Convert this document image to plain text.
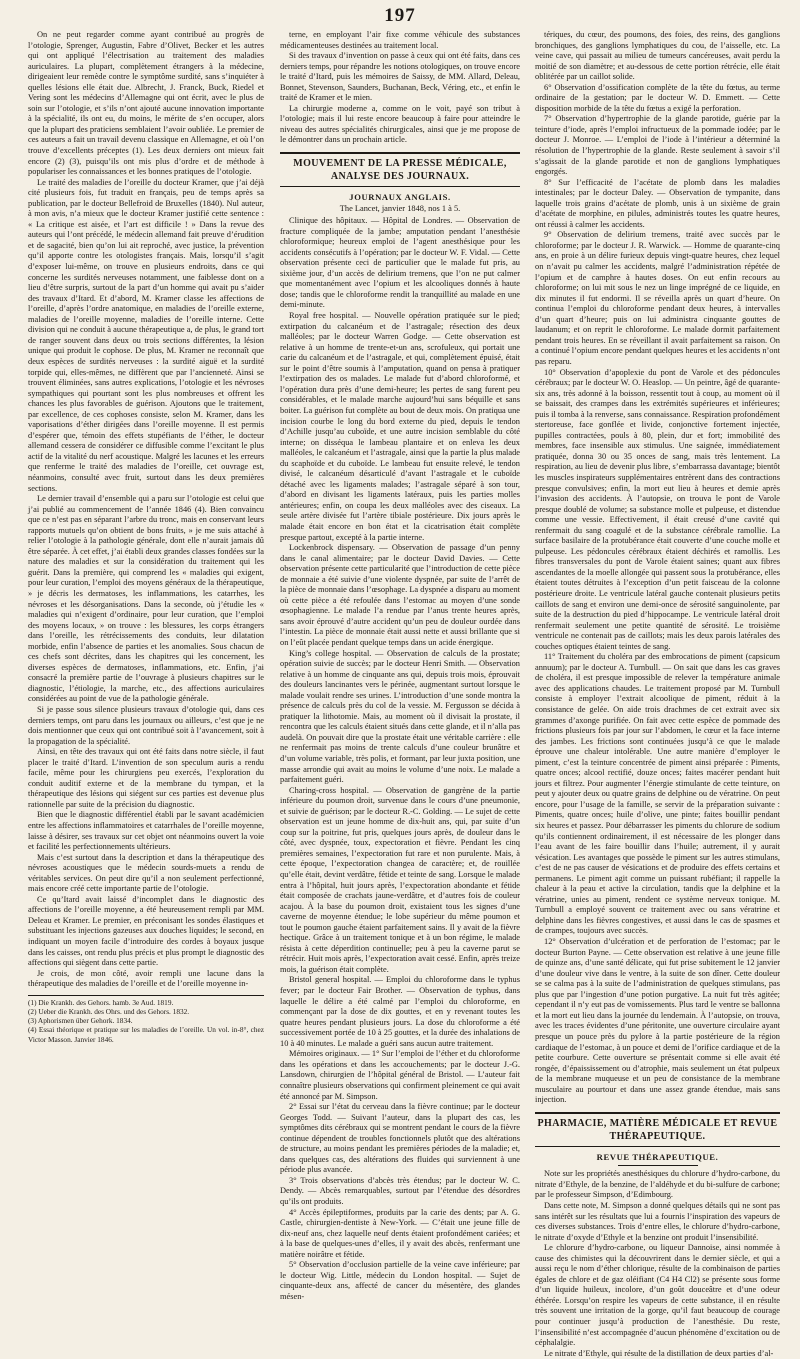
197

On ne peut regarder comme ayant contribué au progrès de l’otologie, Sprenger, Augustin, Fabre d’Olivet, Becker et les autres qui ont appliqué l’électrisation au traitement des maladies auriculaires. La plupart, complètement étrangers à la médecine, dirigeaient leur remède contre le symptôme surdité, sans s’inquiéter à quelles lésions elle était due. Albrecht, J. Franck, Buck, Riedel et Vering sont les médecins d’Allemagne qui ont écrit, avec le plus de soin sur l’otologie, et s’ils n’ont ajouté aucune innovation importante à la spécialité, ils ont eu, du moins, le mérite de s’en occuper, alors que la plupart des praticiens semblaient l’avoir oubliée. Le premier de ces auteurs a fait un travail devenu classique en Allemagne, et où l’on trouve d’excellents préceptes (1). Les deux derniers ont mieux fait encore (2) (3), puisqu’ils ont mis plus d’ordre et de méthode à populariser les connaissances et les bonnes pratiques de l’otologie.

Le traité des maladies de l’oreille du docteur Kramer, que j’ai déjà cité plusieurs fois, fut traduit en français, peu de temps après sa publication, par le docteur Bellefroid de Bruxelles (1840). Nul auteur, à mon avis, n’a mieux que le docteur Kramer justifié cette sentence : « La critique est aisée, et l’art est difficile ! » Dans la revue des auteurs qui l’ont précédé, le médecin allemand fait preuve d’érudition et de sagacité, bien qu’on lui ait reproché, avec justice, la prévention qu’il apporte contre les otologistes français. Mais, lorsqu’il s’agit d’exposer lui-même, on trouve en plusieurs endroits, dans ce qui concerne les surdités nerveuses notamment, une faiblesse dont on a lieu d’être surpris, surtout de la part d’un homme qui avait pu s’aider des travaux d’Itard. Et d’abord, M. Kramer classe les affections de l’oreille, d’après l’ordre anatomique, en maladies de l’oreille externe, maladies de l’oreille moyenne, maladies de l’oreille interne. Cette division qui ne conduit à aucune thérapeutique a, de plus, le grand tort de ranger souvent dans deux ou trois sections différentes, la lésion unique qui produit le cophose. De plus, M. Kramer ne reconnaît que deux espèces de surdités nerveuses : la surdité aiguë et la surdité torpide qui, elles-mêmes, ne diffèrent que par l’ancienneté. Ainsi se trouvent éliminées, sans autres explications, l’otologie et les névroses sympathiques qui pourtant sont les plus nombreuses et offrent les chances les plus favorables de guérison. Ajoutons que le traitement, par excellence, de ces cophoses consiste, selon M. Kramer, dans les vaporisations d’éther dirigées dans l’oreille moyenne. Il est permis d’espérer que, témoin des effets stupéfiants de l’éther, le docteur allemand cessera de considérer ce diffusible comme l’excitant le plus actif de la vitalité du nerf acoustique. Malgré les lacunes et les erreurs que renferme le traité des maladies de l’oreille, cet ouvrage est, néanmoins, consulté avec fruit, surtout dans les deux premières sections.

Le dernier travail d’ensemble qui a paru sur l’otologie est celui que j’ai publié au commencement de l’année 1846 (4). Bien convaincu que ce n’est pas en séparant l’arbre du tronc, mais en conservant leurs rapports mutuels qu’on obtient de bons fruits, » je me suis attaché à relier l’otologie à la pathologie générale, dont elle n’aurait jamais dû être séparée. À cet effet, j’ai établi deux grandes classes fondées sur la nature des maladies et sur la considération du traitement qui les guérit. Dans la première, qui comprend les « maladies qui exigent, pour leur curation, l’emploi des moyens généraux de la thérapeutique, » je décris les dermatoses, les inflammations, les catarrhes, les névroses et les désorganisations. Dans la seconde, où j’étudie les « maladies qui n’exigent d’ordinaire, pour leur curation, que l’emploi des moyens locaux, » on trouve : les blessures, les corps étrangers dans l’oreille, les rétrécissements des conduits, leur dilatation morbide, enfin l’absence de parties et les anomalies. Sous chacun de ces chefs sont décrites, dans les chapitres qui les concernent, les diverses espèces de dermatoses, inflammations, etc. Enfin, j’ai consacré la première partie de l’ouvrage à plusieurs chapitres sur le diagnostic, l’étiologie, la marche, etc., des affections auriculaires considérées au point de vue de la pathologie générale.

Si je passe sous silence plusieurs travaux d’otologie qui, dans ces derniers temps, ont paru dans les journaux ou ailleurs, c’est que je ne dois mentionner que ceux qui ont contribué soit à l’avancement, soit à la propagation de la spécialité.

Ainsi, en tête des travaux qui ont été faits dans notre siècle, il faut placer le traité d’Itard. L’invention de son speculum auris a rendu facile, même pour les chirurgiens peu exercés, l’exploration du conduit auditif externe et de la membrane du tympan, et la thérapeutique des lésions qui siégent sur ces parties est devenue plus rationnelle par suite de la précision du diagnostic.

Bien que le diagnostic différentiel établi par le savant académicien entre les affections inflammatoires et catarrhales de l’oreille moyenne, laisse à désirer, ses travaux sur cet objet ont néanmoins ouvert la voie et facilité les perfectionnements ultérieurs.

Mais c’est surtout dans la description et dans la thérapeutique des névroses acoustiques que le médecin sourds-muets a rendu de véritables services. On peut dire qu’il a non seulement perfectionné, mais encore créé cette importante partie de l’otologie.

Ce qu’Itard avait laissé d’incomplet dans le diagnostic des affections de l’oreille moyenne, a été heureusement rempli par MM. Deleau et Kramer. Le premier, en préconisant les sondes élastiques et substituant les injections gazeuses aux douches liquides; le second, en indiquant un moyen facile d’introduire des cordes à boyaux jusque dans les caisses, ont rendu plus précis et plus prompt le diagnostic des affections qui siègent dans cette partie.

Je crois, de mon côté, avoir rempli une lacune dans la thérapeutique des maladies de l’oreille et de l’oreille moyenne in-

(1) Die Krankh. des Gehors. hamb. 3e Aud. 1819.

(2) Ueber die Krankh. des Ohrs. und des Gehors. 1832.

(3) Aphorismen über Gehork. 1834.

(4) Essai théorique et pratique sur les maladies de l’oreille. Un vol. in-8°, chez Victor Masson. Janvier 1846.

terne, en employant l’air fixe comme véhicule des substances médicamenteuses destinées au traitement local.

Si des travaux d’invention on passe à ceux qui ont été faits, dans ces derniers temps, pour répandre les notions otologiques, on trouve encore le traité d’Itard, puis les mémoires de Saissy, de MM. Allard, Deleau, Bonnet, Stevenson, Saunders, Buchanan, Beck, Véring, etc., et enfin le traité de Kramer et le mien.

La chirurgie moderne a, comme on le voit, payé son tribut à l’otologie; mais il lui reste encore beaucoup à faire pour atteindre le niveau des autres spécialités chirurgicales, ainsi que je me propose de le démontrer dans un prochain article.

MOUVEMENT DE LA PRESSE MÉDICALE, ANALYSE DES JOURNAUX.
JOURNAUX ANGLAIS.
The Lancet, janvier 1848, nos 1 à 5.

Clinique des hôpitaux. — Hôpital de Londres. — Observation de fracture compliquée de la jambe; amputation pendant l’anesthésie chloroformique; heureux emploi de l’agent anesthésique pour les accidents consécutifs à l’opération; par le docteur W. F. Vidal. — Cette observation présente ceci de particulier que le malade fut pris, au sixième jour, d’un accès de delirium tremens, que l’on ne put calmer que momentanément avec l’opium et les alcooliques donnés à haute dose; tandis que le chloroforme rendit la tranquillité au malade en une demi-minute.

Royal free hospital. — Nouvelle opération pratiquée sur le pied; extirpation du calcanéum et de l’astragale; résection des deux malléoles; par le docteur Warren Godge. — Cette observation est relative à un homme de trente-et-un ans, scrofuleux, qui portait une carie du calcanéum et de l’astragale, et qui, complètement épuisé, était sur le point d’être soumis à l’amputation, quand on pensa à pratiquer l’extirpation des os malades. Le malade fut d’abord chloroformé, et l’opération dura près d’une demi-heure; les pertes de sang furent peu considérables, et le malade marche aujourd’hui sans béquille et sans boiter. La guérison fut complète au bout de deux mois. On pratiqua une incision courbe le long du bord externe du pied, depuis le tendon d’Achille jusqu’au cuboïde, et une autre incision semblable du côté interne; on disséqua le lambeau plantaire et on enleva les deux malléoles, le calcanéum et l’astragale, ainsi que la partie la plus malade du scaphoïde et du cuboïde. Le lambeau fut ensuite relevé, le tendon divisé, le calcanéum désarticulé d’avant l’astragale et le cuboïde détaché avec les ligaments malades; l’astragale séparé à son tour, d’abord en divisant les ligaments latéraux, puis les parties molles antérieures; enfin, on coupa les deux malléoles avec des ciseaux. La seule artère divisée fut l’artère tibiale postérieure. Dix jours après le malade était encore en bon état et la cicatrisation était complète presque partout, excepté à la partie interne.

Lockenbrock dispensary. — Observation de passage d’un penny dans le canal alimentaire; par le docteur David Davies. — Cette observation présente cette particularité que l’introduction de cette pièce de monnaie a été suivie d’une violente dyspnée, par suite de l’arrêt de la pièce de monnaie dans l’œsophage. La dyspnée a disparu au moment où cette pièce a été refoulée dans l’estomac au moyen d’une sonde œsophagienne. Le malade l’a rendue par l’anus trente heures après, sans avoir éprouvé d’autre accident qu’un peu de douleur ourdée dans l’intestin. La pièce de monnaie était aussi nette et aussi brillante que si on l’eût placée pendant quelque temps dans un acide énergique.

King’s college hospital. — Observation de calculs de la prostate; opération suivie de succès; par le docteur Henri Smith. — Observation relative à un homme de cinquante ans qui, depuis trois mois, éprouvait des douleurs lancinantes vers le périnée, augmentant surtout lorsque le malade voulait rendre ses urines. L’introduction d’une sonde montra la présence de calculs près du col de la vessie. M. Fergusson se décida à pratiquer la lithotomie. Mais, au moment où il divisait la prostate, il rencontra que les calculs étaient situés dans cette glande, et il n’alla pas audelà. On pouvait dire que la prostate était une véritable carrière : elle ne renfermait pas moins de trente calculs d’une couleur brunâtre et d’un volume variable, très polis, et formant, par leur juxta position, une masse arrondie qui avait au moins le volume d’une noix. Le malade a parfaitement guéri.

Charing-cross hospital. — Observation de gangrène de la partie inférieure du poumon droit, survenue dans le cours d’une pneumonie, et suivie de guérison; par le docteur R.-C. Golding. — Le sujet de cette observation est un jeune homme de dix-huit ans, qui, par suite d’un coup sur la poitrine, fut pris, quelques jours après, de douleur dans le côté, avec dyspnée, toux, expectoration et fièvre. Pendant les cinq premières semaines, l’expectoration fut rare et non purulente. Mais, à cette époque, l’expectoration changea de caractère; et, de rouillée qu’elle était, devint verdâtre, fétide et teinte de sang. Lorsque le malade entra à l’hôpital, huit jours après, l’expectoration abondante et fétide était composée de crachats jaune-verdâtre, et d’autres fois de couleur acajou. À la base du poumon droit, existaient tous les signes d’une caverne de moyenne étendue; le lobe supérieur du même poumon et tout le poumon gauche étaient parfaitement sains. Il y avait de la fièvre hectique. Grâce à un traitement tonique et à un bon régime, le malade résista à cette déperdition continuelle; peu à peu la caverne parut se rétrécir. Huit mois après, l’expectoration avait cessé. Enfin, après treize mois, la guérison était complète.

Bristol general hospital. — Emploi du chloroforme dans le typhus fever; par le docteur Fair Brother. — Observation de typhus, dans laquelle le délire a été calmé par l’emploi du chloroforme, en commençant par la dose de dix gouttes, et en y revenant toutes les quatre heures pendant plusieurs jours. La dose du chloroforme a été successivement portée de 10 à 25 gouttes, et la durée des inhalations de 10 à 40 minutes. Le malade a guéri sans aucun autre traitement.

Mémoires originaux. — 1° Sur l’emploi de l’éther et du chloroforme dans les opérations et dans les accouchements; par le docteur J.-G. Lansdown, chirurgien de l’hôpital général de Bristol. — L’auteur fait connaître plusieurs observations qui confirment pleinement ce qui avait été annoncé par M. Simpson.

2° Essai sur l’état du cerveau dans la fièvre continue; par le docteur Georges Todd. — Suivant l’auteur, dans la plupart des cas, les symptômes dits cérébraux qui se montrent pendant le cours de la fièvre continue dépendent de troubles fonctionnels plutôt que des altérations de structure, au moins pendant les premières périodes de la maladie; et, dans quelques cas, des altérations des fluides qui surviennent à une période plus avancée.

3° Trois observations d’abcès très étendus; par le docteur W. C. Dendy. — Abcès remarquables, surtout par l’étendue des désordres qu’ils ont produits.

4° Accès épileptiformes, produits par la carie des dents; par A. G. Castle, chirurgien-dentiste à New-York. — C’était une jeune fille de dix-neuf ans, chez laquelle neuf dents étaient profondément cariées; et à la base de quelques-unes d’elles, il y avait des abcès, renfermant une matière noirâtre et fétide.

5° Observation d’occlusion partielle de la veine cave inférieure; par le docteur Wig. Little, médecin du London hospital. — Sujet de cinquante-deux ans, affecté de cancer du mésentère, des glandes mésen-

tériques, du cœur, des poumons, des foies, des reins, des ganglions bronchiques, des ganglions lymphatiques du cou, de l’aisselle, etc. La veine cave, qui passait au milieu de tumeurs cancéreuses, avait perdu la moitié de son diamètre; et au-dessous de cette portion rétrécie, elle était oblitérée par un caillot solide.

6° Observation d’ossification complète de la tête du fœtus, au terme ordinaire de la gestation; par le docteur W. D. Emmett. — Cette disposition morbide de la tête du fœtus a exigé la perforation.

7° Observation d’hypertrophie de la glande parotide, guérie par la teinture d’iode, après l’emploi infructueux de la pommade iodée; par le docteur J. Monroe. — L’emploi de l’iode à l’intérieur a déterminé la résolution de l’hypertrophie de la glande. Reste seulement à savoir s’il s’agissait de la glande parotide et non de ganglions lymphatiques engorgés.

8° Sur l’efficacité de l’acétate de plomb dans les maladies intestinales; par le docteur Daley. — Observation de tympanite, dans laquelle trois grains d’acétate de plomb, unis à un sixième de grain d’acétate de morphine, en pilules, administrés toutes les quatre heures, ont réussi à calmer les accidents.

9° Observation de delirium tremens, traité avec succès par le chloroforme; par le docteur J. R. Warwick. — Homme de quarante-cinq ans, en proie à un délire furieux depuis vingt-quatre heures, chez lequel on n’avait pu calmer les accidents, malgré l’administration répétée de l’opium et de camphre à hautes doses. On eut enfin recours au chloroforme; on lui mit sous le nez un linge imprégné de ce liquide, en dix minutes il fut endormi. Il se réveilla après un quart d’heure. On continua l’emploi du chloroforme pendant deux heures, à intervalles d’un quart d’heure; puis on lui administra cinquante gouttes de laudanum; et on reprit le chloroforme. Le malade dormit parfaitement pendant trois heures. En se réveillant il avait parfaitement sa raison. On a continué l’opium encore pendant quelques heures et les accidents n’ont pas reparu.

10° Observation d’apoplexie du pont de Varole et des pédoncules cérébraux; par le docteur W. O. Heaslop. — Un peintre, âgé de quarante-six ans, très adonné à la boisson, ressentit tout à coup, au moment où il se baissait, des crampes dans les extrémités supérieures et inférieures; puis il tomba à la renverse, sans connaissance. Respiration profondément stertoreuse, face gonflée et livide, conjonctive fortement injectée, pupilles contractées, pouls à 80, plein, dur et fort; immobilité des membres, face insensible aux stimulus. Une saignée, immédiatement pratiquée, donna 30 ou 35 onces de sang, mais très lentement. La respiration, au lieu de devenir plus libre, s’embarrassa davantage; bientôt les muscles inspirateurs supplémentaires entrèrent dans des contractions presque convulsives; enfin, la mort eut lieu à heures et demie après l’invasion des accidents. À l’autopsie, on trouva le pont de Varole presque doublé de volume; sa substance molle et pulpeuse, et distendue comme une vessie. Effectivement, il était creusé d’une cavité qui renfermait du sang coagulé et de la substance cérébrale ramollie. La surface basilaire de la protubérance était couverte d’une couche molle et pulpeuse. Les pédoncules cérébraux étaient déchirés et ramollis. Les fibres transversales du pont de Varole étaient saines; quant aux fibres ascendantes de la moelle allongée qui passent sous la protubérance, elles étaient toutes détruites à l’exception d’un petit faisceau de la colonne postérieure droite. Le ventricule latéral gauche contenait plusieurs petits caillots de sang et environ une demi-once de sérosité sanguinolente, par suite de la destruction du pied d’hippocampe. Le ventricule latéral droit renfermait seulement une petite quantité de sérosité. Le troisième ventricule ne contenait pas de caillots; mais les deux parois latérales des couches optiques étaient teintes de sang.

11° Traitement du choléra par des embrocations de piment (capsicum annuum); par le docteur A. Turnbull. — On sait que dans les cas graves de choléra, il est presque impossible de relever la température animale avec des applications chaudes. Le traitement proposé par M. Turnbull consiste à employer l’extrait alcoolique de piment, réduit à la consistance de gelée. On aide trois drachmes de cet extrait avec six grammes d’axonge purifiée. On fait avec cette espèce de pommade des frictions plusieurs fois par jour sur l’abdomen, le cœur et la face interne des jambes. Les frictions sont continuées jusqu’à ce que le malade éprouve une chaleur intolérable. Une autre manière d’employer le piment, c’est la teinture concentrée de piment ainsi préparée : Piments, quatre onces; alcool rectifié, douze onces; faites macérer pendant huit jours et filtrez. Pour augmenter l’énergie stimulante de cette teinture, on peut y ajouter deux ou quatre grains de delphine ou de vératrine. On peut encore, pour l’usage de la famille, se servir de la préparation suivante : Piments, quatre onces; huile d’olive, une pinte; faites bouillir pendant six heures et passez. Pour débarrasser les piments du chlorure de sodium qu’ils contiennent ordinairement, il est nécessaire de les plonger dans l’eau avant de les faire bouillir dans l’huile; autrement, il y aurait vésication. Les avantages que possède le piment sur les autres stimulans, c’est de ne pas causer de vésications et de produire des effets certains et permanens. Le piment agit comme un puissant rubéfiant; il rappelle la chaleur à la peau et active la circulation, tandis que la delphine et la vératrine, unies au piment, rendent ce système nerveux tonique. M. Turnbull a employé souvent ce traitement avec ou sans vératrine et delphine dans les fièvres congestives, et aussi dans le cas de spasmes et de crampes, toujours avec succès.

12° Observation d’ulcération et de perforation de l’estomac; par le docteur Burton Payne. — Cette observation est relative à une jeune fille de quinze ans, d’une santé délicate, qui fut prise subitement le 12 janvier d’une douleur vive dans le ventre, à la suite de son dîner. Cette douleur se se calma pas à la suite de l’administration de quelques stimulans, pas plus que par l’ingestion d’une potion purgative. La nuit fut très agitée; cependant il n’y eut pas de vomissements. Plus tard le ventre se ballonna et la mort eut lieu dans la journée du lendemain. À l’autopsie, on trouva, avec les traces évidentes d’une péritonite, une ouverture circulaire ayant presque un pouce près du pylore à la partie postérieure de la région cardiaque de l’estomac, à un pouce et demi de l’orifice cardiaque et de la petite courbure. Cette ouverture se présentait comme si elle avait été rongée, d’épaississement ou d’atrophie, mais seulement un état pulpeux de la membrane muqueuse et un peu de consistance de la membrane musculaire au pourtour et dans une assez grande étendue, mais sans injection.

PHARMACIE, MATIÈRE MÉDICALE ET REVUE THÉRAPEUTIQUE.
REVUE THÉRAPEUTIQUE.

Note sur les propriétés anesthésiques du chlorure d’hydro-carbone, du nitrate d’Ethyle, de la benzine, de l’aldéhyde et du bi-sulfure de carbone; par le professeur Simpson, d’Edimbourg.

Dans cette note, M. Simpson a donné quelques détails qui ne sont pas sans intérêt sur les résultats que lui a fournis l’inspiration des vapeurs de ces diverses substances. Trois d’entre elles, le chlorure d’hydro-carbone, le nitrate d’oxyde d’Ethyle et la benzine ont produit l’insensibilité.

Le chlorure d’hydro-carbone, ou liqueur Dannoise, ainsi nommée à cause des chimistes qui la découvrirent dans le dernier siècle, et qui a aussi reçu le nom d’éther chlorique, résulte de la combinaison de parties égales de chlore et de gaz oléifiant (C4 H4 Cl2) se présente sous forme d’un liquide huileux, incolore, d’un goût douceâtre et d’une odeur éthérée. Lorsqu’on respire les vapeurs de cette substance, il en résulte très souvent une irritation de la gorge, qu’il faut beaucoup de courage pour continuer jusqu’à production de l’anesthésie. Du reste, l’insensibilité n’est accompagnée d’aucun phénomène d’excitation ou de céphalalgie.

Le nitrate d’Ethyle, qui résulte de la distillation de deux parties d’al-
